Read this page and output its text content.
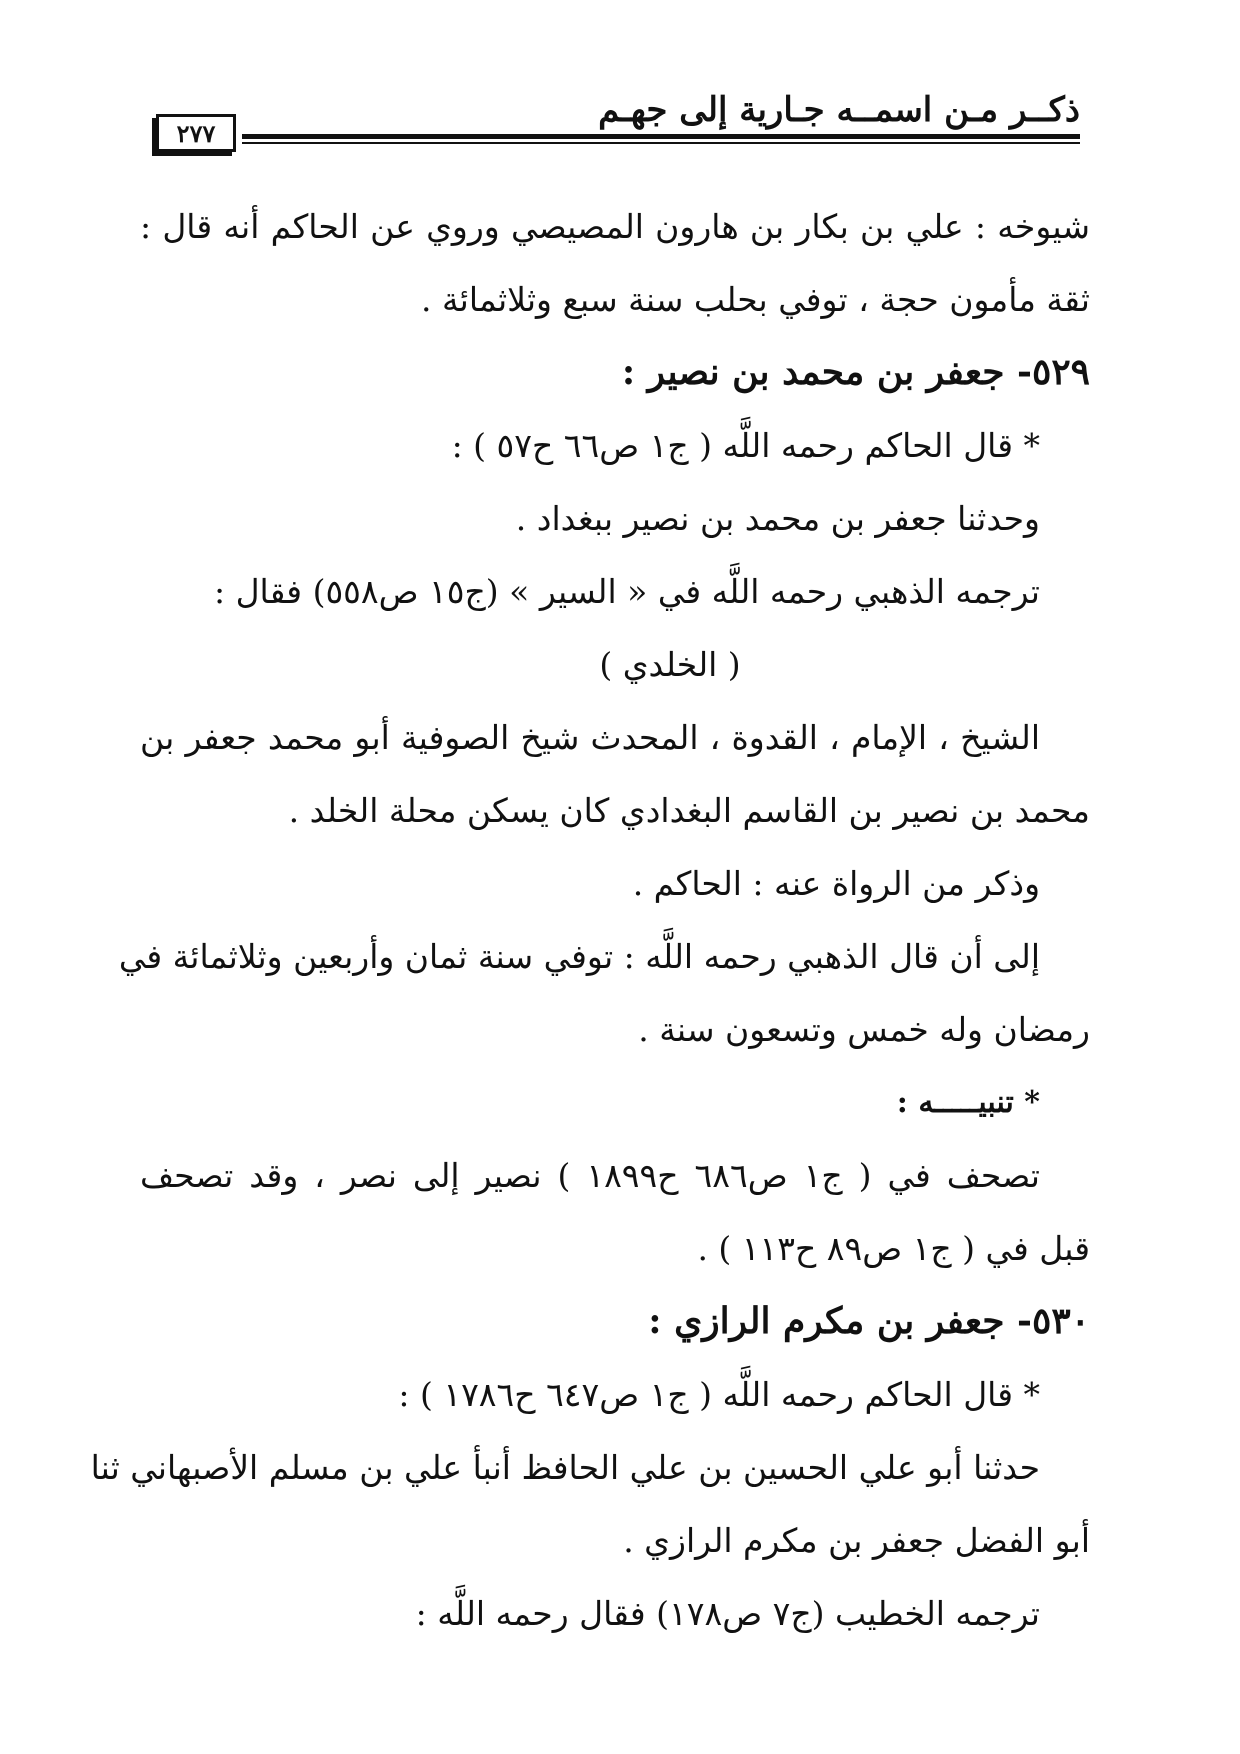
ذكــر مـن اسمــه جـارية إلى جهـم
٢٧٧
شيوخه : علي بن بكار بن هارون المصيصي وروي عن الحاكم أنه قال :
ثقة مأمون حجة ، توفي بحلب سنة سبع وثلاثمائة .
٥٢٩- جعفر بن محمد بن نصير :
* قال الحاكم رحمه اللَّه ( ج١ ص٦٦ ح٥٧ ) :
وحدثنا جعفر بن محمد بن نصير ببغداد .
ترجمه الذهبي رحمه اللَّه في « السير » (ج١٥ ص٥٥٨) فقال :
( الخلدي )
الشيخ ، الإمام ، القدوة ، المحدث شيخ الصوفية أبو محمد جعفر بن
محمد بن نصير بن القاسم البغدادي كان يسكن محلة الخلد .
وذكر من الرواة عنه : الحاكم .
إلى أن قال الذهبي رحمه اللَّه : توفي سنة ثمان وأربعين وثلاثمائة في
رمضان وله خمس وتسعون سنة .
* تنبيـــــه :
تصحف في ( ج١ ص٦٨٦ ح١٨٩٩ ) نصير إلى نصر ، وقد تصحف
قبل في ( ج١ ص٨٩ ح١١٣ ) .
٥٣٠- جعفر بن مكرم الرازي :
* قال الحاكم رحمه اللَّه ( ج١ ص٦٤٧ ح١٧٨٦ ) :
حدثنا أبو علي الحسين بن علي الحافظ أنبأ علي بن مسلم الأصبهاني ثنا
أبو الفضل جعفر بن مكرم الرازي .
ترجمه الخطيب (ج٧ ص١٧٨) فقال رحمه اللَّه :
